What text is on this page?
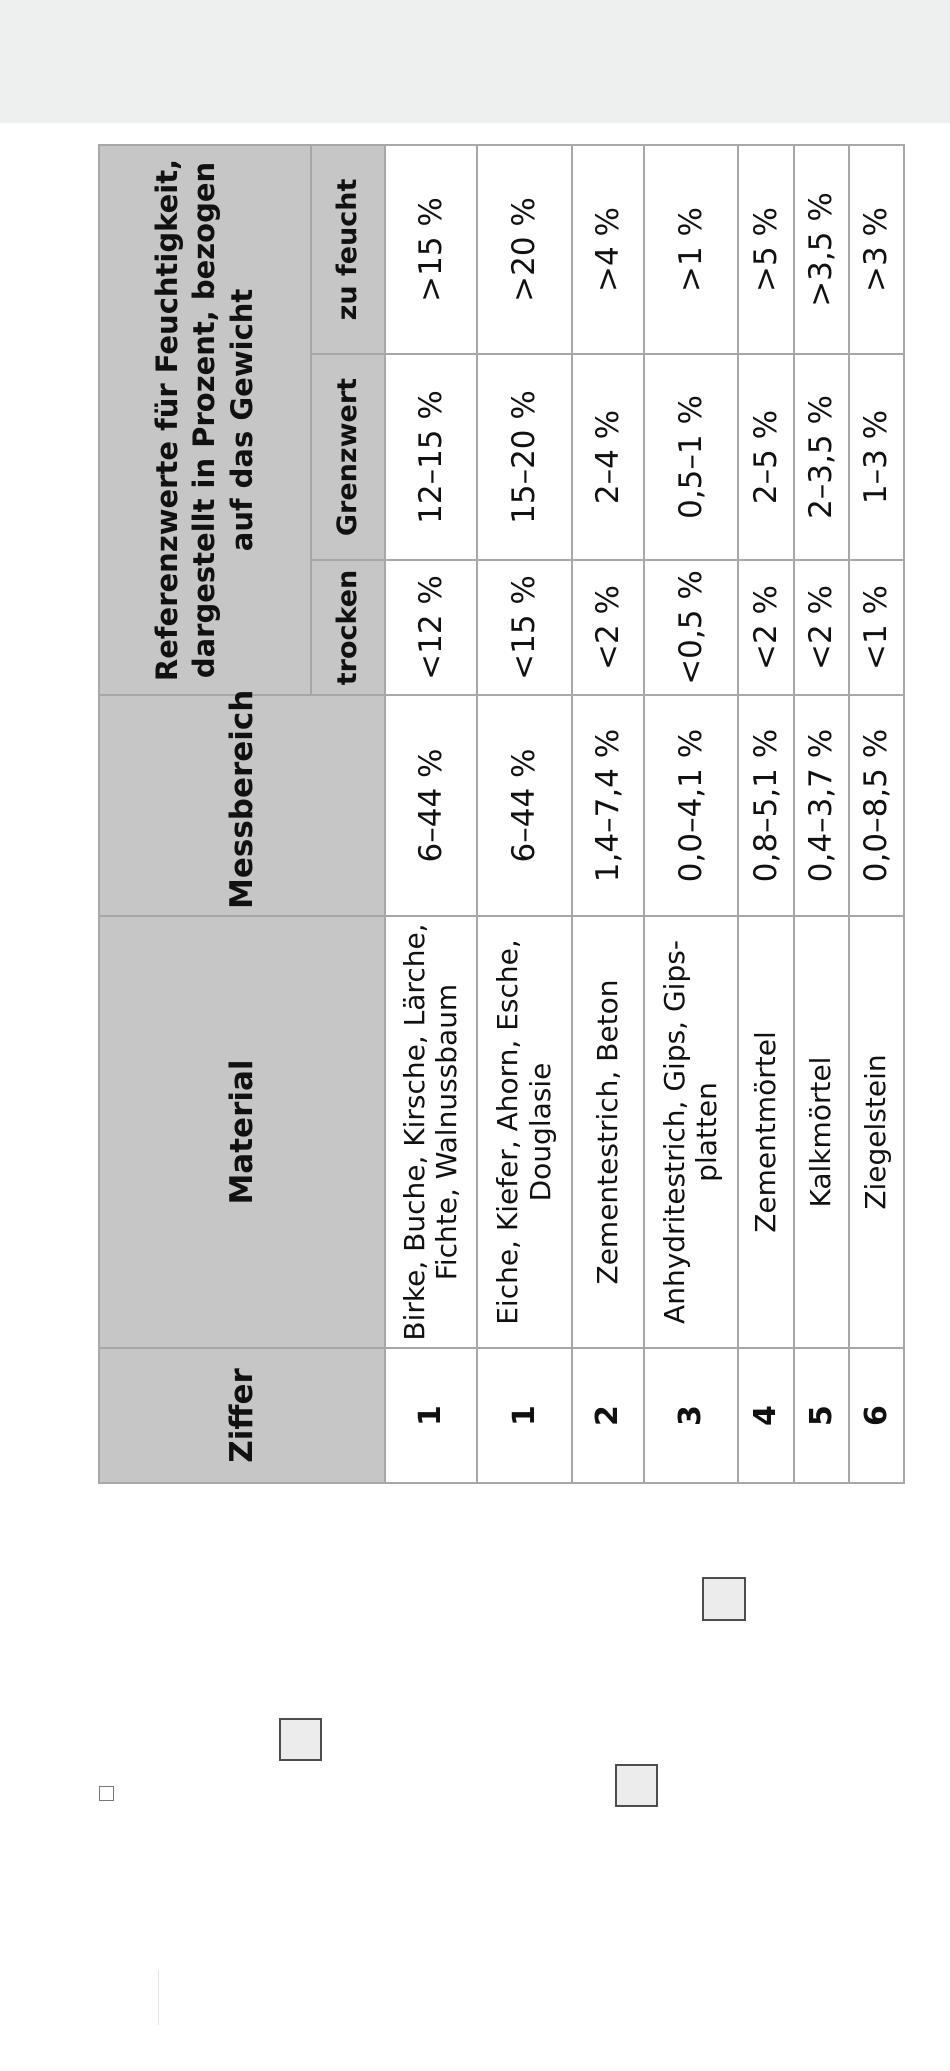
Ziffer	Material	Messbereich	Referenzwerte für Feuchtigkeit, dargestellt in Prozent, bezogen auf das Gewicht		
			trocken	Grenzwert	zu feucht
1	Birke, Buche, Kirsche, Lärche, Fichte, Walnussbaum	6–44 %	<12 %	12–15 %	>15 %
1	Eiche, Kiefer, Ahorn, Esche, Douglasie	6–44 %	<15 %	15–20 %	>20 %
2	Zementestrich, Beton	1,4–7,4 %	<2 %	2–4 %	>4 %
3	Anhydritestrich, Gips, Gipsplatten	0,0–4,1 %	<0,5 %	0,5–1 %	>1 %
4	Zementmörtel	0,8–5,1 %	<2 %	2–5 %	>5 %
5	Kalkmörtel	0,4–3,7 %	<2 %	2–3,5 %	>3,5 %
6	Ziegelstein	0,0–8,5 %	<1 %	1–3 %	>3 %
